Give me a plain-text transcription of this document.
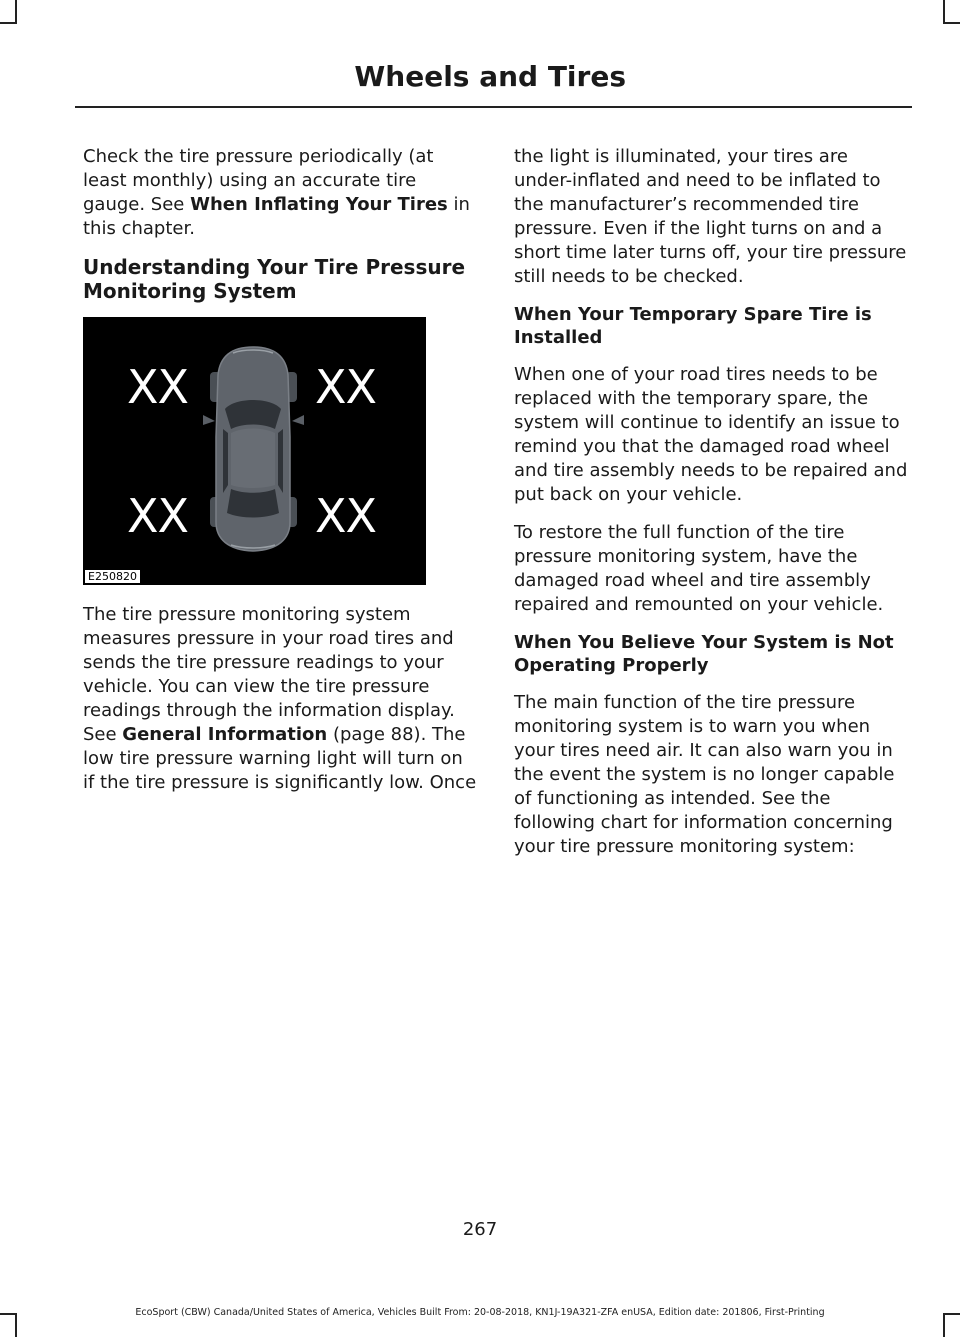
Wheels and Tires

Check the tire pressure periodically (at least monthly) using an accurate tire gauge. See When Inflating Your Tires in this chapter.

Understanding Your Tire Pressure Monitoring System
XX	XX
XX	XX
E250820

The tire pressure monitoring system measures pressure in your road tires and sends the tire pressure readings to your vehicle. You can view the tire pressure readings through the information display. See General Information (page 88). The low tire pressure warning light will turn on if the tire pressure is significantly low. Once

the light is illuminated, your tires are under-inflated and need to be inflated to the manufacturer’s recommended tire pressure. Even if the light turns on and a short time later turns off, your tire pressure still needs to be checked.

When Your Temporary Spare Tire is Installed

When one of your road tires needs to be replaced with the temporary spare, the system will continue to identify an issue to remind you that the damaged road wheel and tire assembly needs to be repaired and put back on your vehicle.

To restore the full function of the tire pressure monitoring system, have the damaged road wheel and tire assembly repaired and remounted on your vehicle.

When You Believe Your System is Not Operating Properly

The main function of the tire pressure monitoring system is to warn you when your tires need air. It can also warn you in the event the system is no longer capable of functioning as intended. See the following chart for information concerning your tire pressure monitoring system:

267
EcoSport (CBW) Canada/United States of America, Vehicles Built From: 20-08-2018, KN1J-19A321-ZFA enUSA, Edition date: 201806, First-Printing
